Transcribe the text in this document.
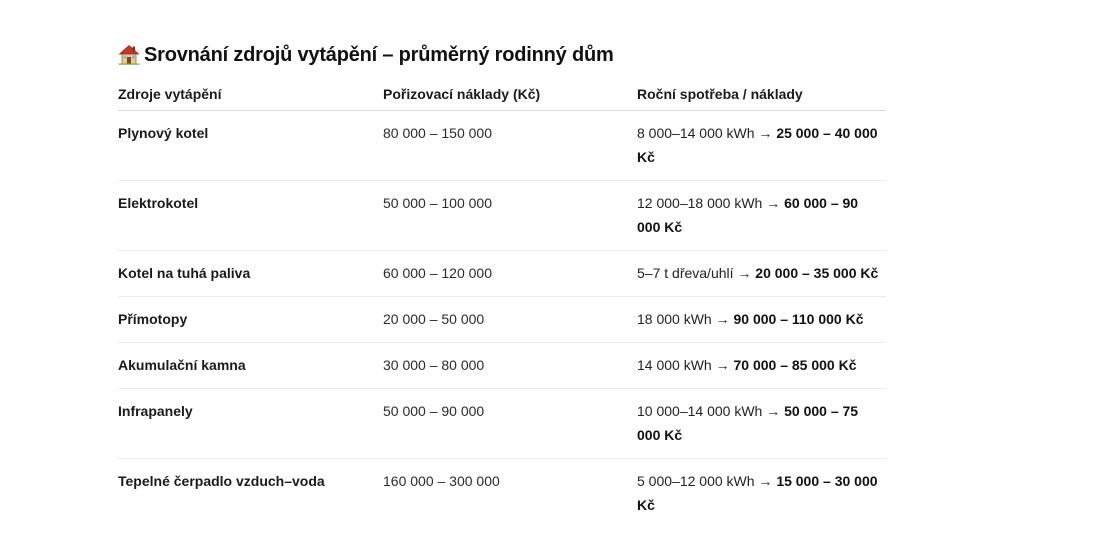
Srovnání zdrojů vytápění – průměrný rodinný dům
Zdroje vytápění	Pořizovací náklady (Kč)	Roční spotřeba / náklady
Plynový kotel	80 000 – 150 000	8 000–14 000 kWh → 25 000 – 40 000 Kč

Elektrokotel	50 000 – 100 000	12 000–18 000 kWh → 60 000 – 90 000 Kč

Kotel na tuhá paliva	60 000 – 120 000	5–7 t dřeva/uhlí → 20 000 – 35 000 Kč

Přímotopy	20 000 – 50 000	18 000 kWh → 90 000 – 110 000 Kč

Akumulační kamna	30 000 – 80 000	14 000 kWh → 70 000 – 85 000 Kč

Infrapanely	50 000 – 90 000	10 000–14 000 kWh → 50 000 – 75 000 Kč

Tepelné čerpadlo vzduch–voda	160 000 – 300 000	5 000–12 000 kWh → 15 000 – 30 000 Kč
